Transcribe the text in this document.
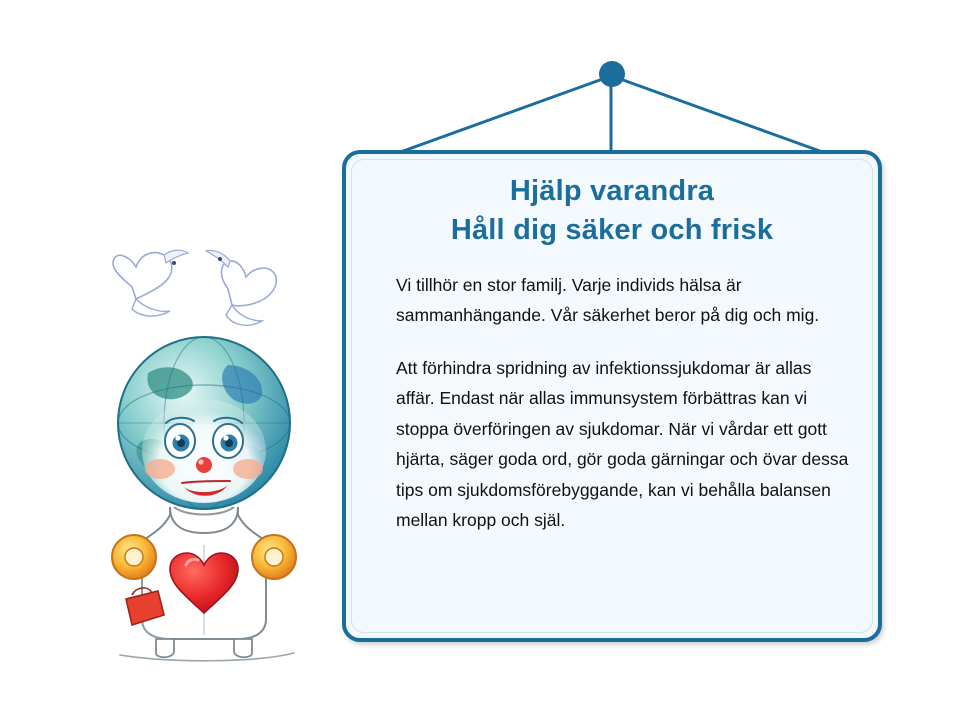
Hjälp varandra
Håll dig säker och frisk

Vi tillhör en stor familj. Varje individs hälsa är sammanhängande. Vår säkerhet beror på dig och mig.

Att förhindra spridning av infektionssjukdomar är allas affär. Endast när allas immunsystem förbättras kan vi stoppa överföringen av sjukdomar. När vi vårdar ett gott hjärta, säger goda ord, gör goda gärningar och övar dessa tips om sjukdomsförebyggande, kan vi behålla balansen mellan kropp och själ.
